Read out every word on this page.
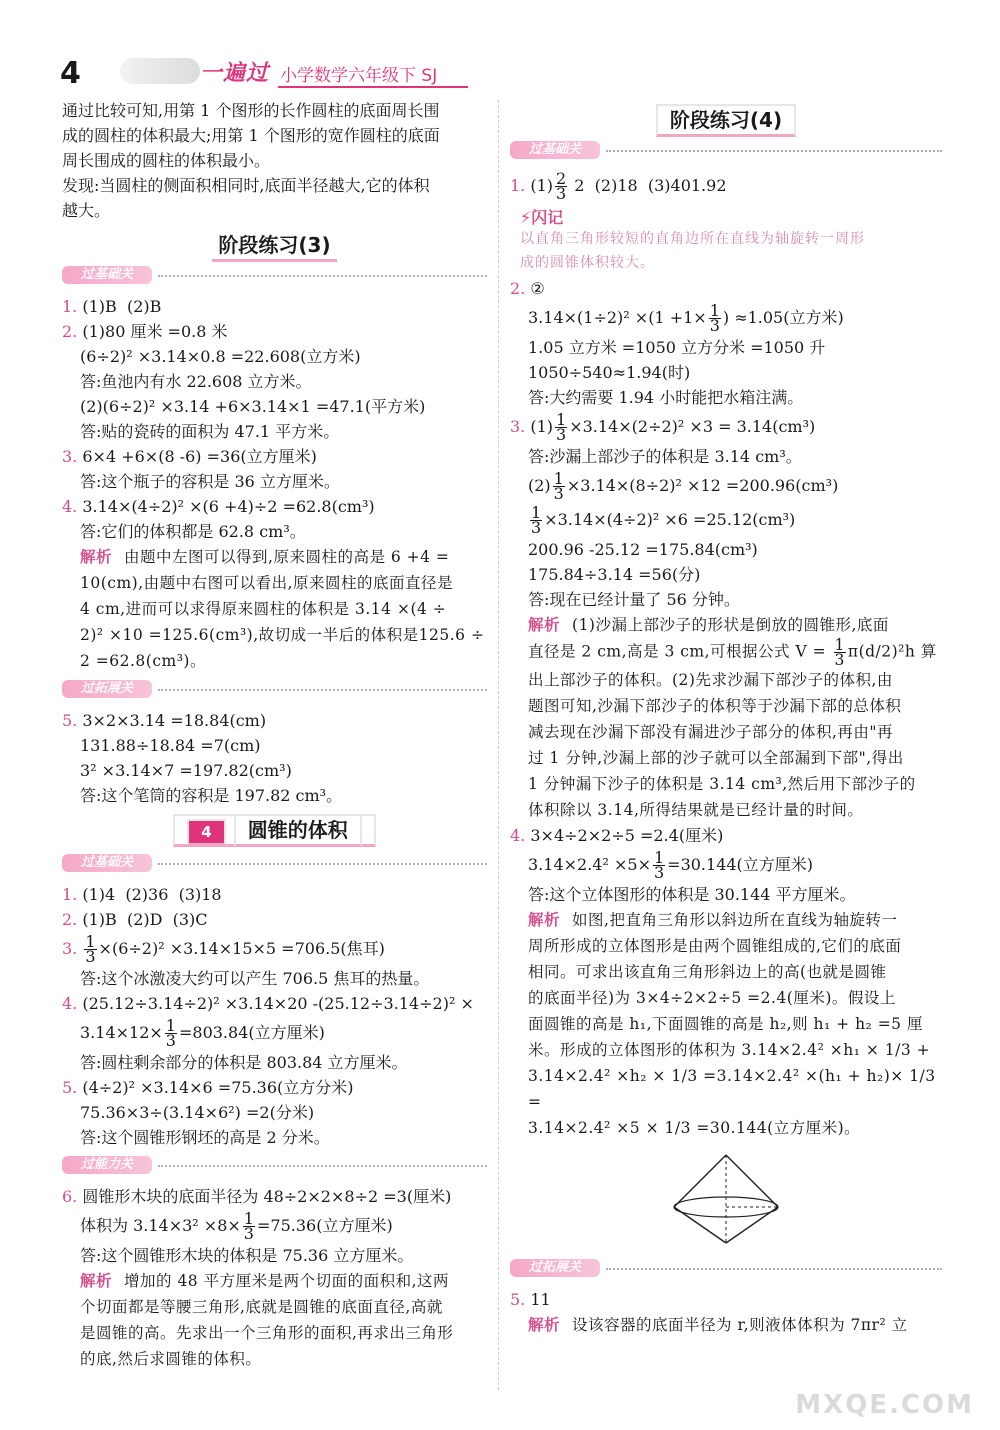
4	一遍过 小学数学六年级下 SJ

通过比较可知,用第 1 个图形的长作圆柱的底面周长围

成的圆柱的体积最大;用第 1 个图形的宽作圆柱的底面

周长围成的圆柱的体积最小。

发现:当圆柱的侧面积相同时,底面半径越大,它的体积

越大。

阶段练习(3)
过基础关

1. (1)B  (2)B

2. (1)80 厘米 =0.8 米

(6÷2)² ×3.14×0.8 =22.608(立方米)

答:鱼池内有水 22.608 立方米。

(2)(6÷2)² ×3.14 +6×3.14×1 =47.1(平方米)

答:贴的瓷砖的面积为 47.1 平方米。

3. 6×4 +6×(8 -6) =36(立方厘米)

答:这个瓶子的容积是 36 立方厘米。

4. 3.14×(4÷2)² ×(6 +4)÷2 =62.8(cm³)

答:它们的体积都是 62.8 cm³。

解析 由题中左图可以得到,原来圆柱的高是 6 +4 =

10(cm),由题中右图可以看出,原来圆柱的底面直径是

4 cm,进而可以求得原来圆柱的体积是 3.14 ×(4 ÷

2)² ×10 =125.6(cm³),故切成一半后的体积是125.6 ÷

2 =62.8(cm³)。

过拓展关

5. 3×2×3.14 =18.84(cm)

131.88÷18.84 =7(cm)

3² ×3.14×7 =197.82(cm³)

答:这个笔筒的容积是 197.82 cm³。

4 圆锥的体积
过基础关

1. (1)4  (2)36  (3)18

2. (1)B  (2)D  (3)C

3. $\frac{1}{3} \times(6\div 2)^2 \times 3.14\times 15\times 5 =706.5$(焦耳)

答:这个冰激凌大约可以产生 706.5 焦耳的热量。

4. (25.12÷3.14÷2)² ×3.14×20 -(25.12÷3.14÷2)² ×

$3.14\times 12\times \frac{1}{3} =803.84$(立方厘米)

答:圆柱剩余部分的体积是 803.84 立方厘米。

5. (4÷2)² ×3.14×6 =75.36(立方分米)

75.36×3÷(3.14×6²) =2(分米)

答:这个圆锥形钢坯的高是 2 分米。

过能力关

6. 圆锥形木块的底面半径为 48÷2×2×8÷2 =3(厘米)

体积为 $3.14\times 3^2 \times 8\times \frac{1}{3} =75.36$(立方厘米)

答:这个圆锥形木块的体积是 75.36 立方厘米。

解析 增加的 48 平方厘米是两个切面的面积和,这两

个切面都是等腰三角形,底就是圆锥的底面直径,高就

是圆锥的高。先求出一个三角形的面积,再求出三角形

的底,然后求圆锥的体积。

阶段练习(4)
过基础关

1. $(1) \frac{2}{3} 2$  (2)18  (3)401.92

⚡闪记

以直角三角形较短的直角边所在直线为轴旋转一周形

成的圆锥体积较大。

2. ②

$3.14\times(1\div 2)^2 \times(1 +1\times \frac{1}{3}$ ) ≈1.05(立方米)

1.05 立方米 =1050 立方分米 =1050 升

1050÷540≈1.94(时)

答:大约需要 1.94 小时能把水箱注满。

3. $(1) \frac{1}{3} \times 3.14\times(2\div 2)^2 \times 3 = 3.14(cm^3)$

答:沙漏上部沙子的体积是 3.14 cm³。

$(2) \frac{1}{3} \times 3.14\times(8\div 2)^2 \times 12 =200.96(cm^3)$

$\frac{1}{3} \times 3.14\times(4\div 2)^2 \times 6 =25.12(cm^3)$

200.96 -25.12 =175.84(cm³)

175.84÷3.14 =56(分)

答:现在已经计量了 56 分钟。

解析 (1)沙漏上部沙子的形状是倒放的圆锥形,底面

直径是 2 cm,高是 3 cm,可根据公式 $V = \frac{1}{3} \pi(d/2)^2h$ 算

出上部沙子的体积。(2)先求沙漏下部沙子的体积,由

题图可知,沙漏下部沙子的体积等于沙漏下部的总体积

减去现在沙漏下部没有漏进沙子部分的体积,再由"再

过 1 分钟,沙漏上部的沙子就可以全部漏到下部",得出

1 分钟漏下沙子的体积是 3.14 cm³,然后用下部沙子的

体积除以 3.14,所得结果就是已经计量的时间。

4. 3×4÷2×2÷5 =2.4(厘米)

$3.14\times 2.4^2 \times 5\times \frac{1}{3} =30.144$(立方厘米)

答:这个立体图形的体积是 30.144 平方厘米。

解析 如图,把直角三角形以斜边所在直线为轴旋转一

周所形成的立体图形是由两个圆锥组成的,它们的底面

相同。可求出该直角三角形斜边上的高(也就是圆锥

的底面半径)为 3×4÷2×2÷5 =2.4(厘米)。假设上

面圆锥的高是 h₁,下面圆锥的高是 h₂,则 h₁ + h₂ =5 厘

米。形成的立体图形的体积为 3.14×2.4² ×h₁ × 1/3 +

3.14×2.4² ×h₂ × 1/3 =3.14×2.4² ×(h₁ + h₂)× 1/3 =

3.14×2.4² ×5 × 1/3 =30.144(立方厘米)。

过拓展关

5. 11

解析 设该容器的底面半径为 r,则液体体积为 7πr² 立

MXQE.COM
